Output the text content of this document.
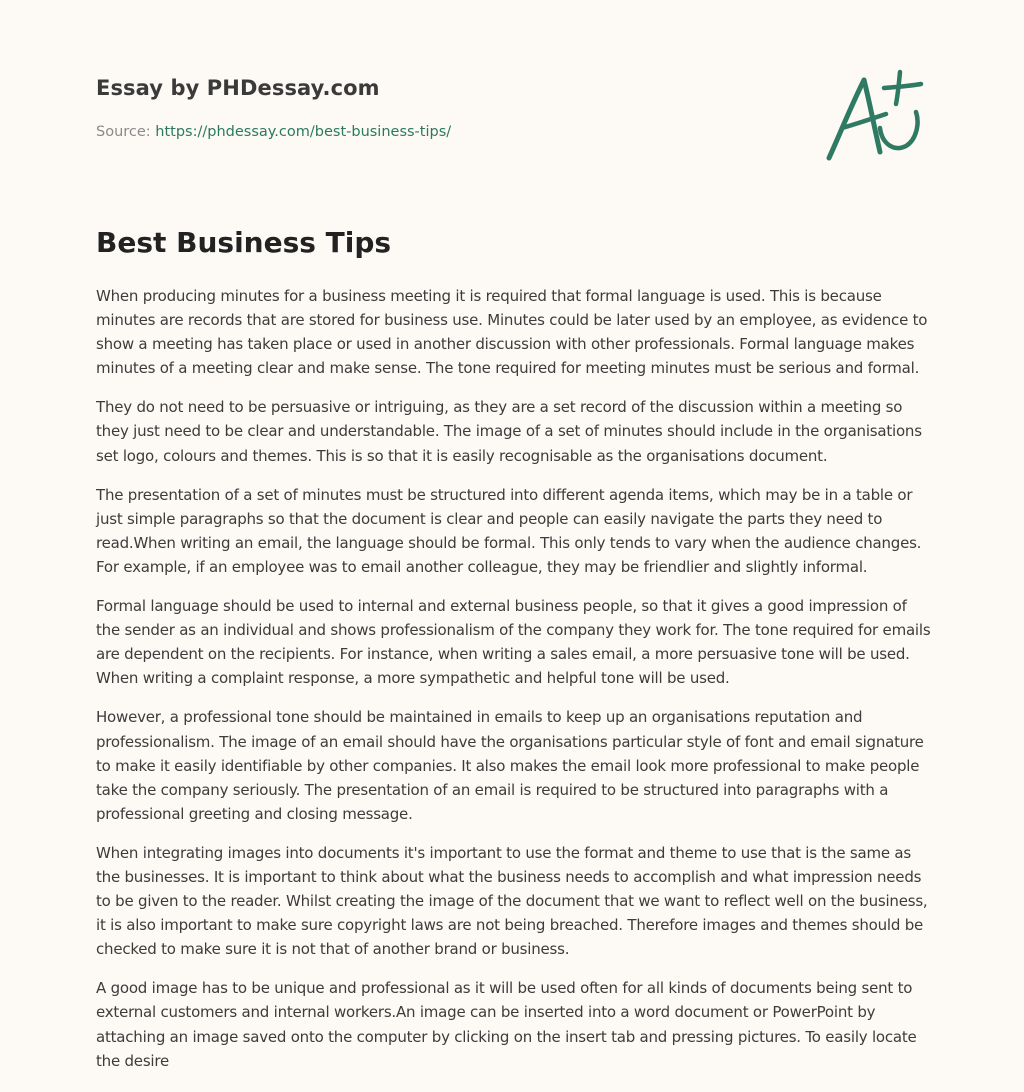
Essay by PHDessay.com
Source: https://phdessay.com/best-business-tips/
Best Business Tips

When producing minutes for a business meeting it is required that formal language is used. This is because minutes are records that are stored for business use. Minutes could be later used by an employee, as evidence to show a meeting has taken place or used in another discussion with other professionals. Formal language makes minutes of a meeting clear and make sense. The tone required for meeting minutes must be serious and formal.

They do not need to be persuasive or intriguing, as they are a set record of the discussion within a meeting so they just need to be clear and understandable. The image of a set of minutes should include in the organisations set logo, colours and themes. This is so that it is easily recognisable as the organisations document.

The presentation of a set of minutes must be structured into different agenda items, which may be in a table or just simple paragraphs so that the document is clear and people can easily navigate the parts they need to read.When writing an email, the language should be formal. This only tends to vary when the audience changes. For example, if an employee was to email another colleague, they may be friendlier and slightly informal.

Formal language should be used to internal and external business people, so that it gives a good impression of the sender as an individual and shows professionalism of the company they work for. The tone required for emails are dependent on the recipients. For instance, when writing a sales email, a more persuasive tone will be used. When writing a complaint response, a more sympathetic and helpful tone will be used.

However, a professional tone should be maintained in emails to keep up an organisations reputation and professionalism. The image of an email should have the organisations particular style of font and email signature to make it easily identifiable by other companies. It also makes the email look more professional to make people take the company seriously. The presentation of an email is required to be structured into paragraphs with a professional greeting and closing message.

When integrating images into documents it's important to use the format and theme to use that is the same as the businesses. It is important to think about what the business needs to accomplish and what impression needs to be given to the reader. Whilst creating the image of the document that we want to reflect well on the business, it is also important to make sure copyright laws are not being breached. Therefore images and themes should be checked to make sure it is not that of another brand or business.

A good image has to be unique and professional as it will be used often for all kinds of documents being sent to external customers and internal workers.An image can be inserted into a word document or PowerPoint by attaching an image saved onto the computer by clicking on the insert tab and pressing pictures. To easily locate the desire
